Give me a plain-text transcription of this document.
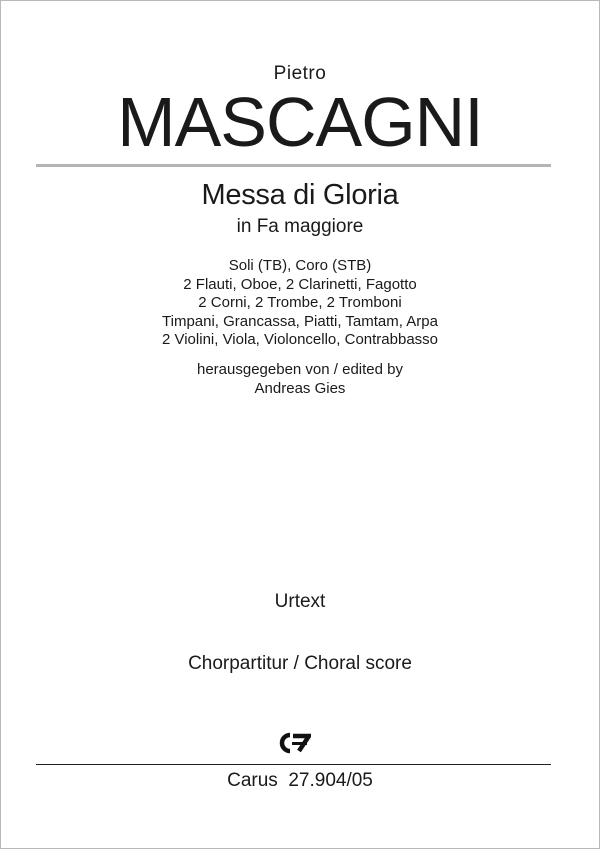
Pietro
MASCAGNI
Messa di Gloria
in Fa maggiore
Soli (TB), Coro (STB)
2 Flauti, Oboe, 2 Clarinetti, Fagotto
2 Corni, 2 Trombe, 2 Tromboni
Timpani, Grancassa, Piatti, Tamtam, Arpa
2 Violini, Viola, Violoncello, Contrabbasso
herausgegeben von / edited by
Andreas Gies
Urtext
Chorpartitur / Choral score
Carus  27.904/05
